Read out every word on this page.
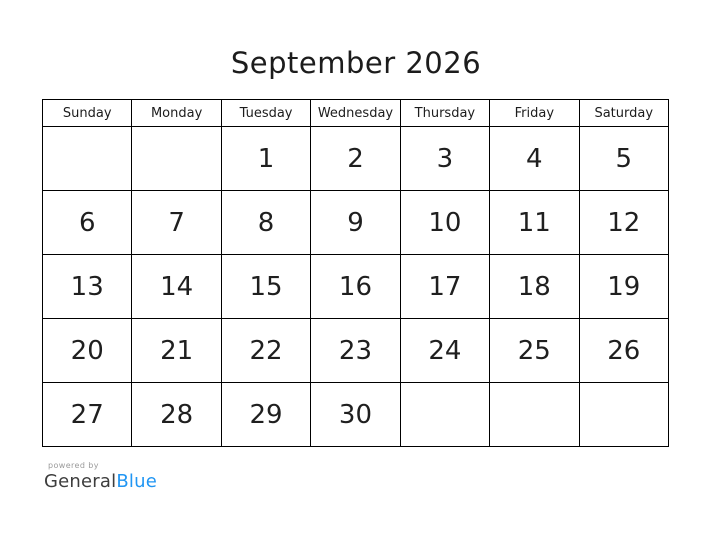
September 2026
Sunday	Monday	Tuesday	Wednesday	Thursday	Friday	Saturday
		1	2	3	4	5
6	7	8	9	10	11	12
13	14	15	16	17	18	19
20	21	22	23	24	25	26
27	28	29	30			
powered by
GeneralBlue
